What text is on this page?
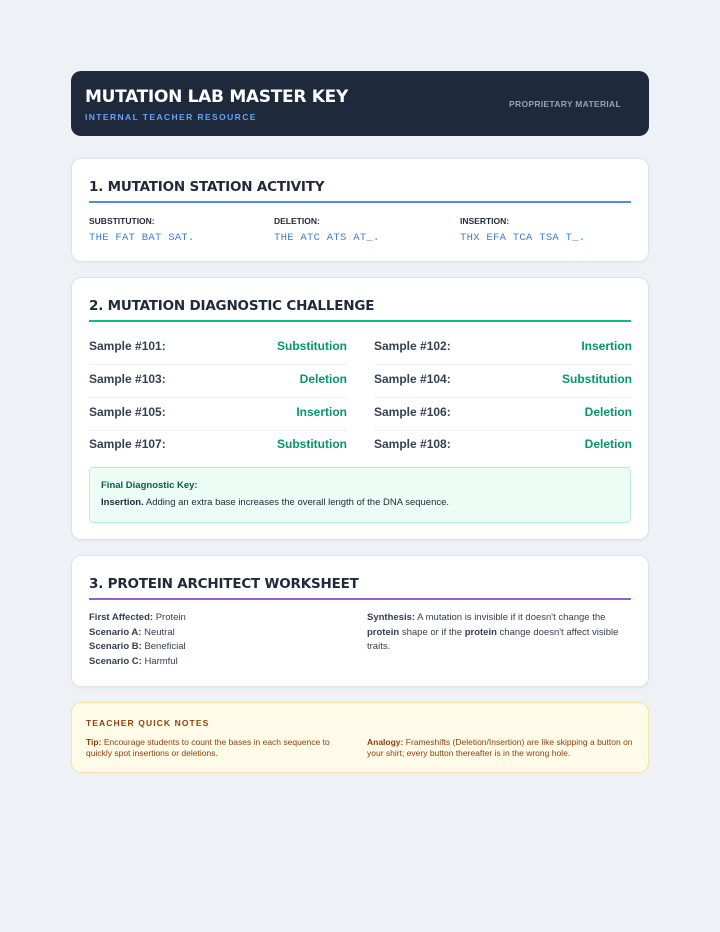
MUTATION LAB MASTER KEY
INTERNAL TEACHER RESOURCE
PROPRIETARY MATERIAL
1. MUTATION STATION ACTIVITY
SUBSTITUTION:
THE FAT BAT SAT.
DELETION:
THE ATC ATS AT_.
INSERTION:
THX EFA TCA TSA T_.
2. MUTATION DIAGNOSTIC CHALLENGE
Sample #101:	Substitution Sample #102:	Insertion
Sample #103:	Deletion Sample #104:	Substitution
Sample #105:	Insertion Sample #106:	Deletion
Sample #107:	Substitution Sample #108:	Deletion
Final Diagnostic Key:
Insertion. Adding an extra base increases the overall length of the DNA sequence.
3. PROTEIN ARCHITECT WORKSHEET
First Affected: Protein
Scenario A: Neutral
Scenario B: Beneficial
Scenario C: Harmful
Synthesis: A mutation is invisible if it doesn't change the protein shape or if the protein change doesn't affect visible traits.
TEACHER QUICK NOTES
Tip: Encourage students to count the bases in each sequence to quickly spot insertions or deletions.
Analogy: Frameshifts (Deletion/Insertion) are like skipping a button on your shirt; every button thereafter is in the wrong hole.
